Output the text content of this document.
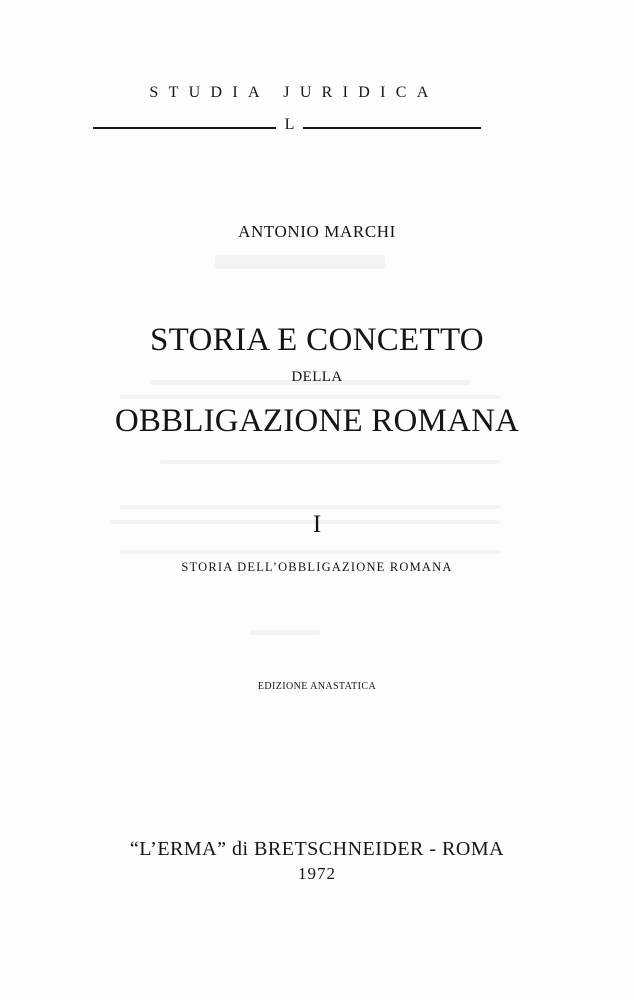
STUDIA JURIDICA
L
ANTONIO MARCHI
STORIA E CONCETTO
DELLA
OBBLIGAZIONE ROMANA
I
STORIA DELL’OBBLIGAZIONE ROMANA
EDIZIONE ANASTATICA
“L’ERMA” di BRETSCHNEIDER - ROMA
1972
